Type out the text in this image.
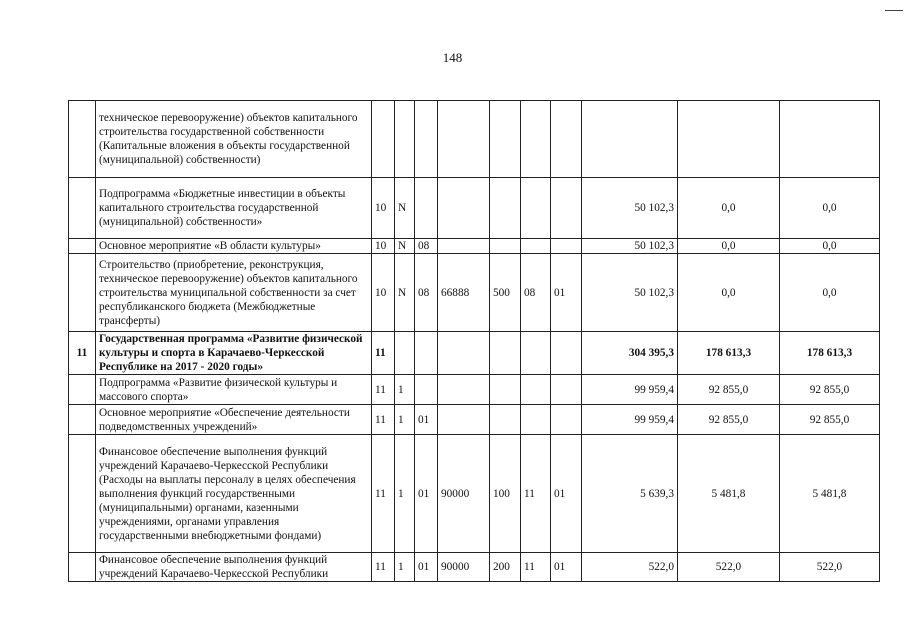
148
	техническое перевооружение) объектов капитального строительства государственной собственности (Капитальные вложения в объекты государственной (муниципальной) собственности)										
	Подпрограмма «Бюджетные инвестиции в объекты капитального строительства государственной (муниципальной) собственности»	10	N						50 102,3	0,0	0,0
	Основное мероприятие «В области культуры»	10	N	08					50 102,3	0,0	0,0
	Строительство (приобретение, реконструкция, техническое перевооружение) объектов капитального строительства муниципальной собственности за счет республиканского бюджета (Межбюджетные трансферты)	10	N	08	66888	500	08	01	50 102,3	0,0	0,0
11	Государственная программа «Развитие физической культуры и спорта в Карачаево-Черкесской Республике на 2017 - 2020 годы»	11							304 395,3	178 613,3	178 613,3
	Подпрограмма «Развитие физической культуры и массового спорта»	11	1						99 959,4	92 855,0	92 855,0
	Основное мероприятие «Обеспечение деятельности подведомственных учреждений»	11	1	01					99 959,4	92 855,0	92 855,0
	Финансовое обеспечение выполнения функций учреждений Карачаево-Черкесской Республики (Расходы на выплаты персоналу в целях обеспечения выполнения функций государственными (муниципальными) органами, казенными учреждениями, органами управления государственными внебюджетными фондами)	11	1	01	90000	100	11	01	5 639,3	5 481,8	5 481,8
	Финансовое обеспечение выполнения функций учреждений Карачаево-Черкесской Республики	11	1	01	90000	200	11	01	522,0	522,0	522,0
